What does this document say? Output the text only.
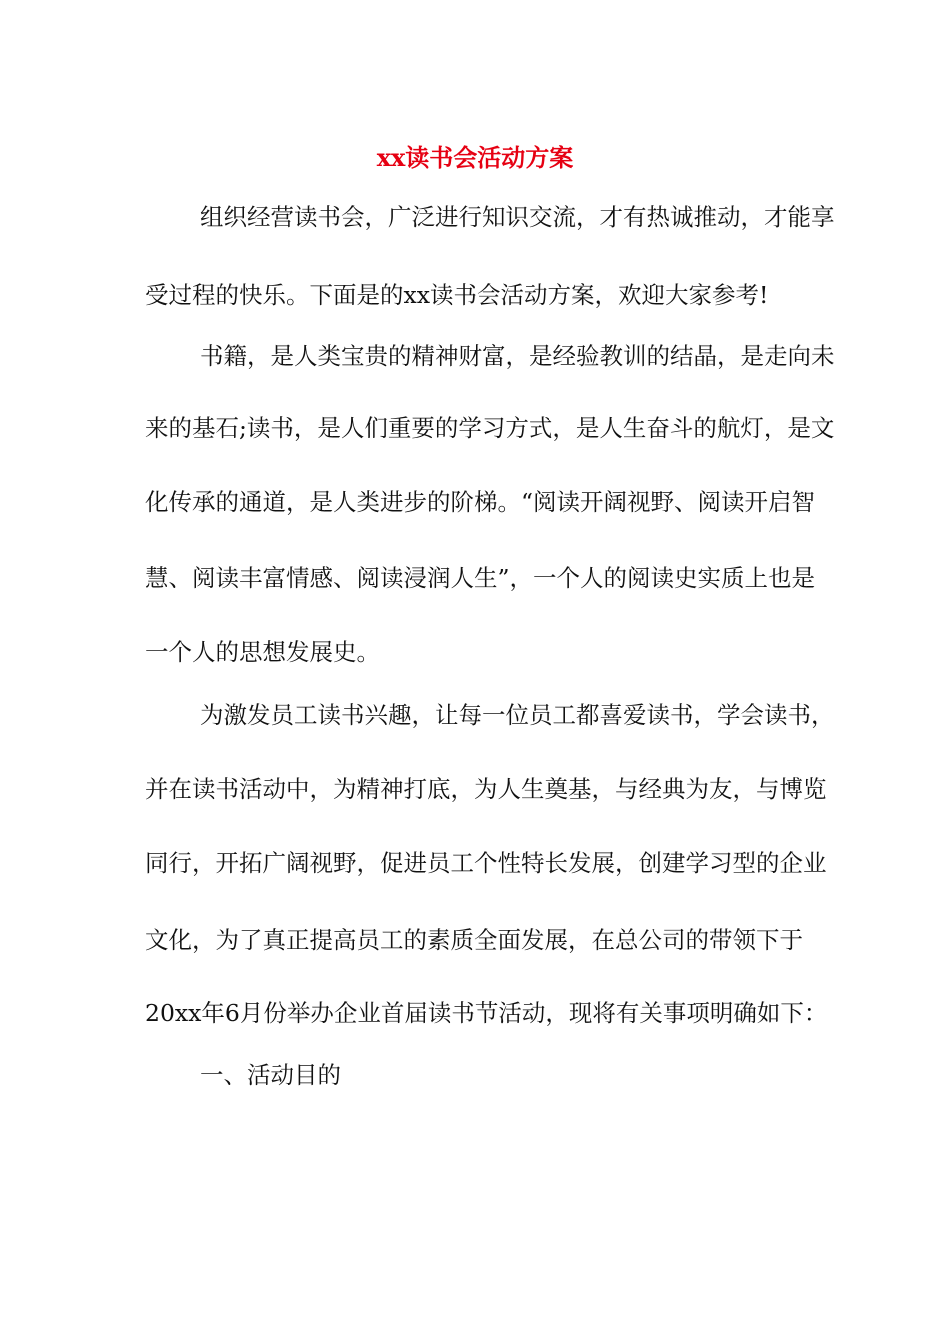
xx读书会活动方案
组织经营读书会，广泛进行知识交流，才有热诚推动，才能享
受过程的快乐。下面是的xx读书会活动方案，欢迎大家参考!
书籍，是人类宝贵的精神财富，是经验教训的结晶，是走向未
来的基石;读书，是人们重要的学习方式，是人生奋斗的航灯，是文
化传承的通道，是人类进步的阶梯。“阅读开阔视野、阅读开启智
慧、阅读丰富情感、阅读浸润人生”，一个人的阅读史实质上也是
一个人的思想发展史。
为激发员工读书兴趣，让每一位员工都喜爱读书，学会读书，
并在读书活动中，为精神打底，为人生奠基，与经典为友，与博览
同行，开拓广阔视野，促进员工个性特长发展，创建学习型的企业
文化，为了真正提高员工的素质全面发展，在总公司的带领下于
20xx年6月份举办企业首届读书节活动，现将有关事项明确如下：
一、活动目的
